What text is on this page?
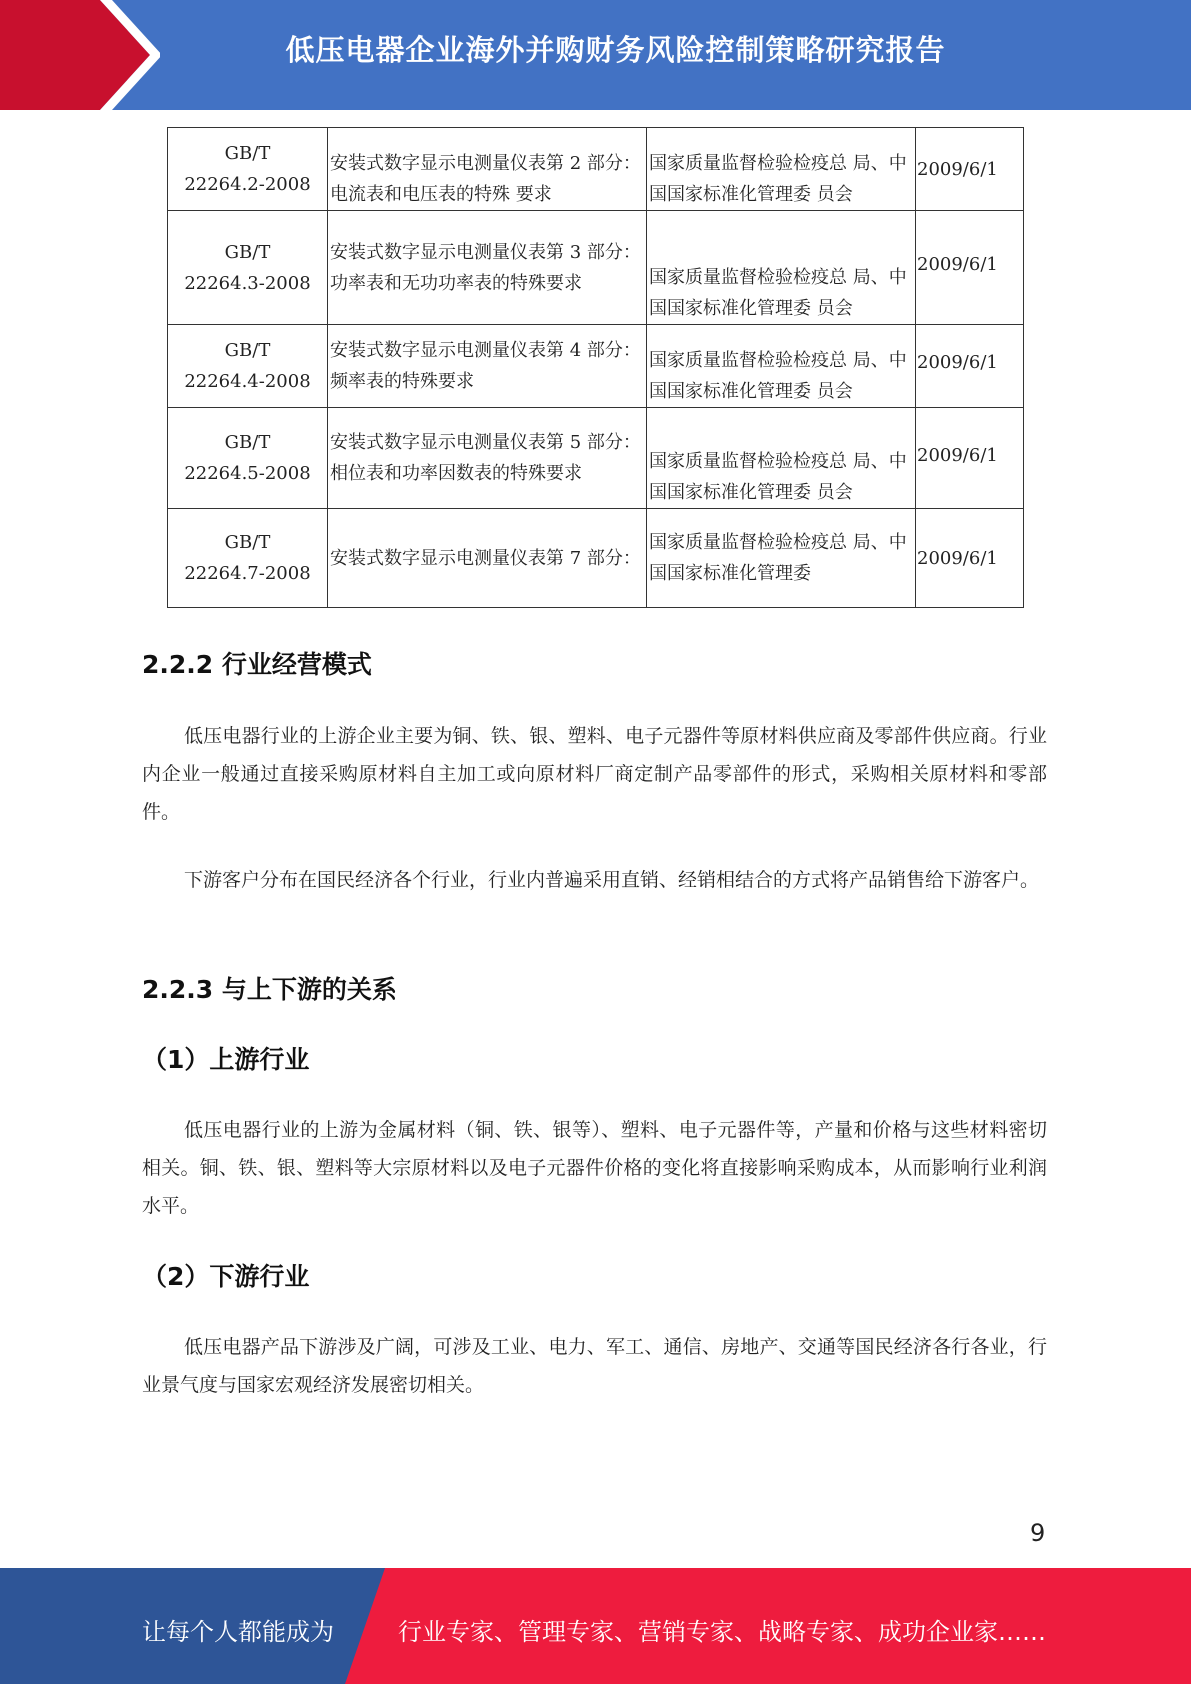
低压电器企业海外并购财务风险控制策略研究报告
GB/T
22264.2-2008	安装式数字显示电测量仪表第 2 部分：电流表和电压表的特殊 要求	国家质量监督检验检疫总 局、中国国家标准化管理委 员会	2009/6/1

GB/T
22264.3-2008	安装式数字显示电测量仪表第 3 部分：功率表和无功功率表的特殊要求	国家质量监督检验检疫总 局、中国国家标准化管理委 员会	2009/6/1

GB/T
22264.4-2008	安装式数字显示电测量仪表第 4 部分：频率表的特殊要求	国家质量监督检验检疫总 局、中国国家标准化管理委 员会	2009/6/1

GB/T
22264.5-2008	安装式数字显示电测量仪表第 5 部分：相位表和功率因数表的特殊要求	国家质量监督检验检疫总 局、中国国家标准化管理委 员会	2009/6/1

GB/T
22264.7-2008	安装式数字显示电测量仪表第 7 部分：	国家质量监督检验检疫总 局、中国国家标准化管理委	2009/6/1
2.2.2 行业经营模式
低压电器行业的上游企业主要为铜、铁、银、塑料、电子元器件等原材料供应商及零部件供应商。行业内企业一般通过直接采购原材料自主加工或向原材料厂商定制产品零部件的形式，采购相关原材料和零部件。
下游客户分布在国民经济各个行业，行业内普遍采用直销、经销相结合的方式将产品销售给下游客户。
2.2.3 与上下游的关系
（1）上游行业
低压电器行业的上游为金属材料（铜、铁、银等）、塑料、电子元器件等，产量和价格与这些材料密切相关。铜、铁、银、塑料等大宗原材料以及电子元器件价格的变化将直接影响采购成本，从而影响行业利润水平。
（2）下游行业
低压电器产品下游涉及广阔，可涉及工业、电力、军工、通信、房地产、交通等国民经济各行各业，行业景气度与国家宏观经济发展密切相关。
9
让每个人都能成为	行业专家、管理专家、营销专家、战略专家、成功企业家……
